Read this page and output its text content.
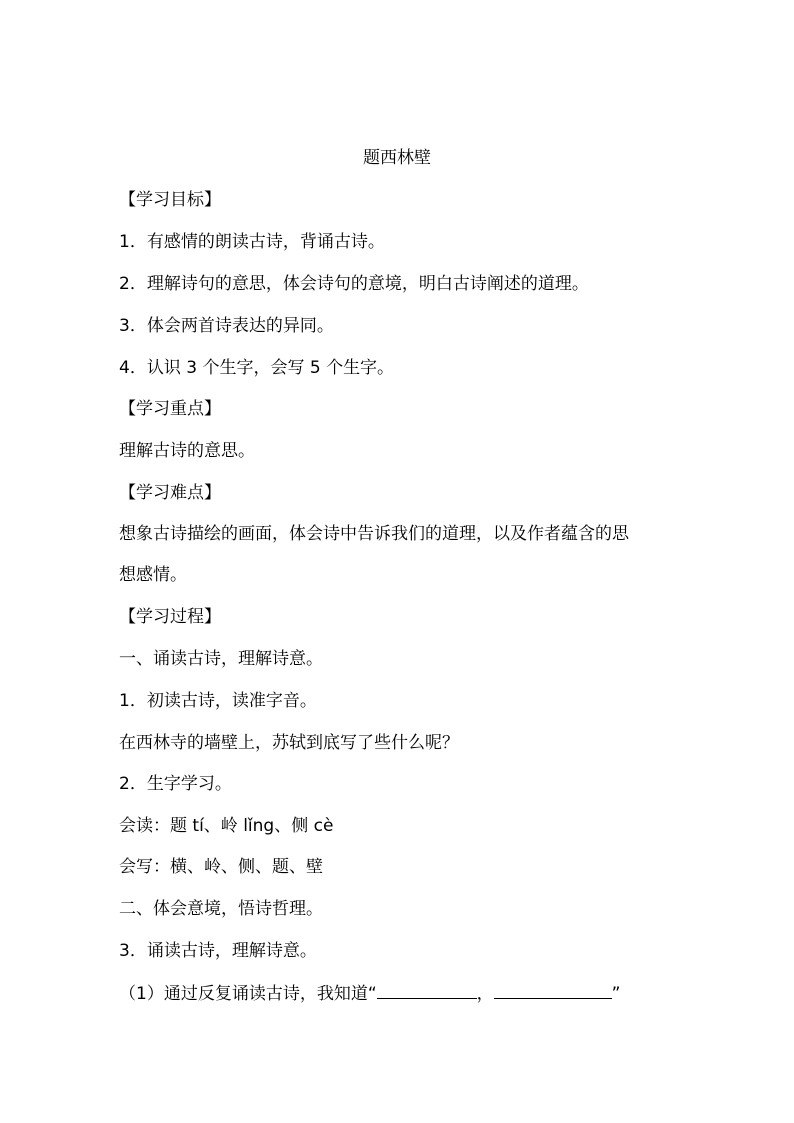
题西林壁
【学习目标】
1．有感情的朗读古诗，背诵古诗。
2．理解诗句的意思，体会诗句的意境，明白古诗阐述的道理。
3．体会两首诗表达的异同。
4．认识 3 个生字，会写 5 个生字。
【学习重点】
理解古诗的意思。
【学习难点】
想象古诗描绘的画面，体会诗中告诉我们的道理，以及作者蕴含的思
想感情。
【学习过程】
一、诵读古诗，理解诗意。
1．初读古诗，读准字音。
在西林寺的墙壁上，苏轼到底写了些什么呢？
2．生字学习。
会读：题 tí、岭 lǐng、侧 cè
会写：横、岭、侧、题、壁
二、体会意境，悟诗哲理。
3．诵读古诗，理解诗意。
（1）通过反复诵读古诗，我知道“	，	”
